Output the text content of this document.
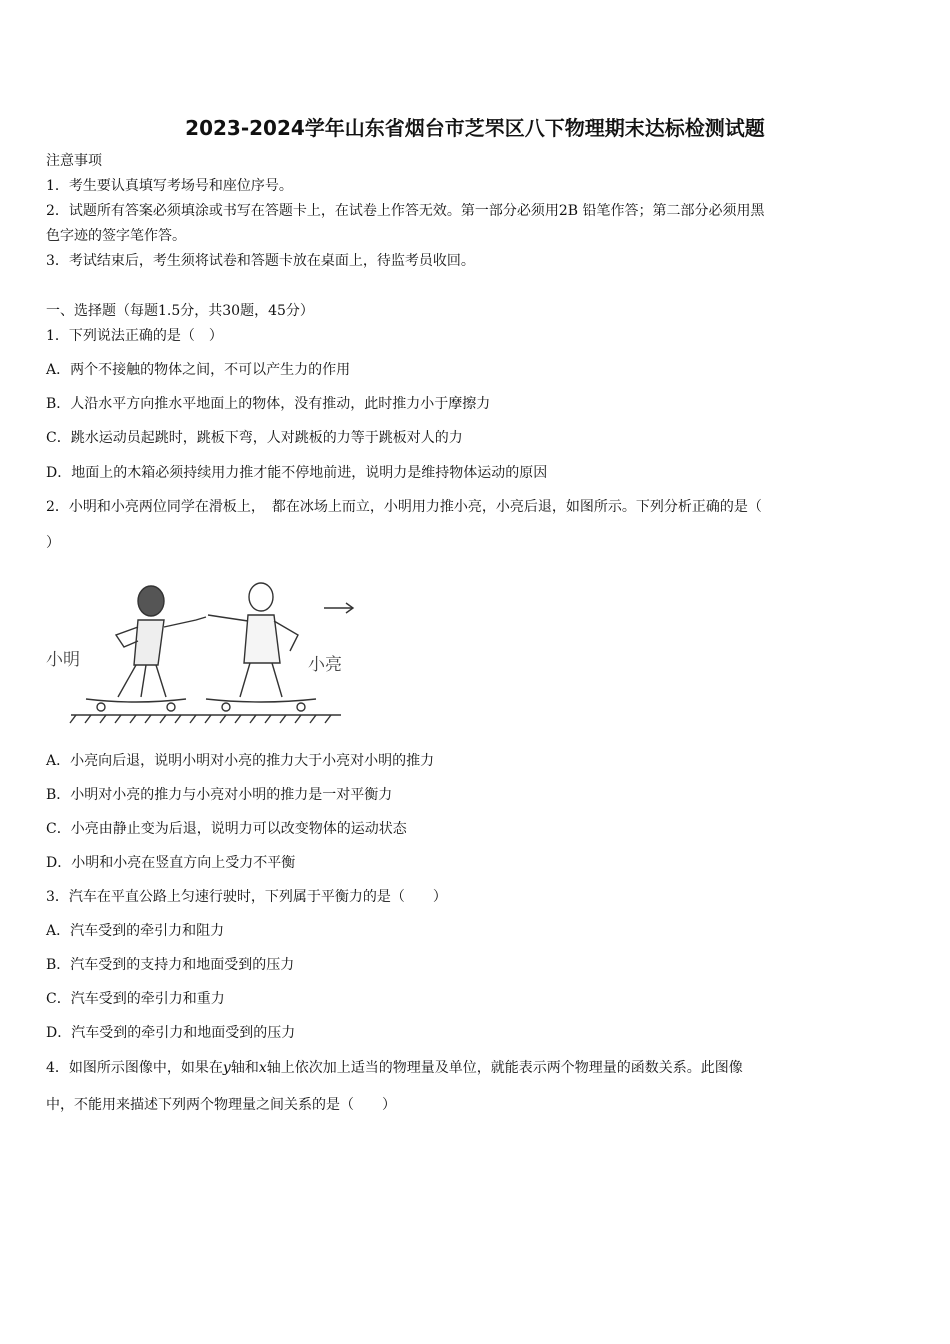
2023-2024学年山东省烟台市芝罘区八下物理期末达标检测试题
注意事项
1．考生要认真填写考场号和座位序号。
2．试题所有答案必须填涂或书写在答题卡上，在试卷上作答无效。第一部分必须用2B 铅笔作答；第二部分必须用黑
色字迹的签字笔作答。
3．考试结束后，考生须将试卷和答题卡放在桌面上，待监考员收回。
一、选择题（每题1.5分，共30题，45分）
1．下列说法正确的是（　）
A．两个不接触的物体之间，不可以产生力的作用
B．人沿水平方向推水平地面上的物体，没有推动，此时推力小于摩擦力
C．跳水运动员起跳时，跳板下弯，人对跳板的力等于跳板对人的力
D．地面上的木箱必须持续用力推才能不停地前进，说明力是维持物体运动的原因
2．小明和小亮两位同学在滑板上，　都在冰场上而立，小明用力推小亮，小亮后退，如图所示。下列分析正确的是（
）
小明	小亮
A．小亮向后退，说明小明对小亮的推力大于小亮对小明的推力
B．小明对小亮的推力与小亮对小明的推力是一对平衡力
C．小亮由静止变为后退，说明力可以改变物体的运动状态
D．小明和小亮在竖直方向上受力不平衡
3．汽车在平直公路上匀速行驶时，下列属于平衡力的是（　　）
A．汽车受到的牵引力和阻力
B．汽车受到的支持力和地面受到的压力
C．汽车受到的牵引力和重力
D．汽车受到的牵引力和地面受到的压力
4．如图所示图像中，如果在y轴和x轴上依次加上适当的物理量及单位，就能表示两个物理量的函数关系。此图像
中，不能用来描述下列两个物理量之间关系的是（　　）
